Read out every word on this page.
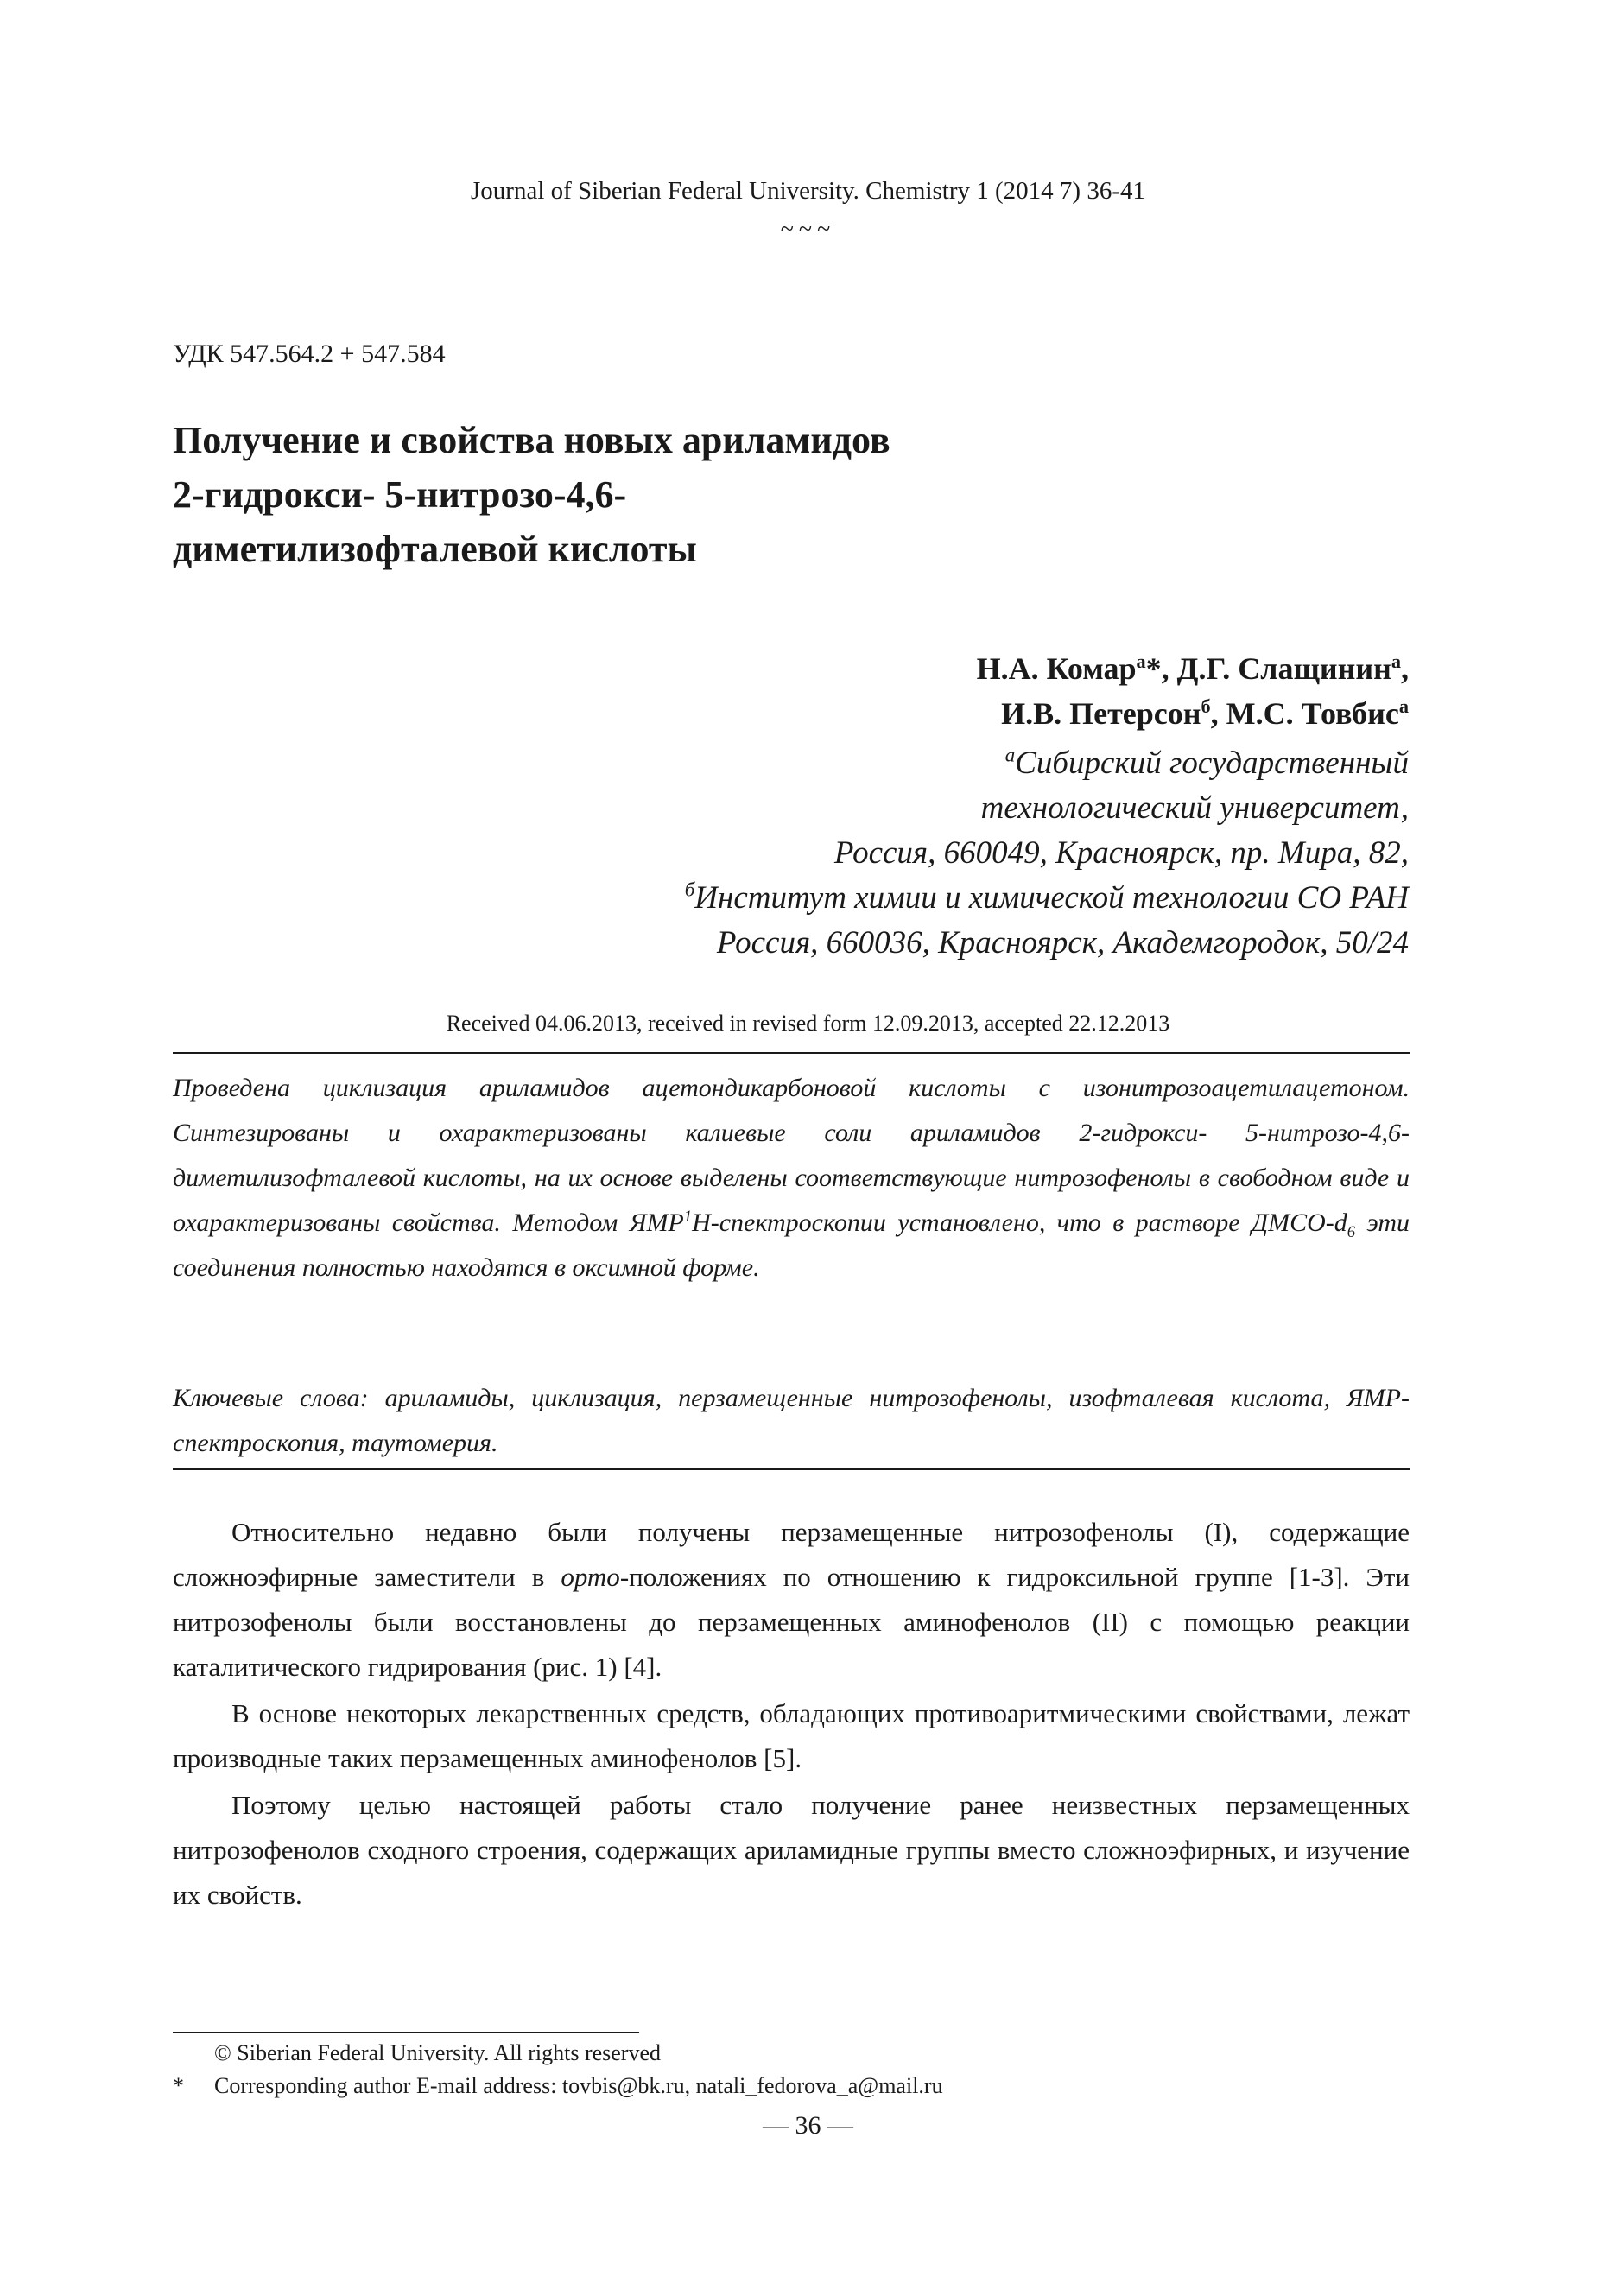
Journal of Siberian Federal University. Chemistry 1 (2014 7) 36-41
~~~
УДК 547.564.2 + 547.584
Получение и свойства новых ариламидов
2-гидрокси- 5-нитрозо-4,6-
диметилизофталевой кислоты
Н.А. Комар$^а$*, Д.Г. Слащинин$^а$,
И.В. Петерсон$^б$, М.С. Товбис$^а$
$^а$Сибирский государственный
технологический университет,
Россия, 660049, Красноярск, пр. Мира, 82,
$^б$Институт химии и химической технологии СО РАН
Россия, 660036, Красноярск, Академгородок, 50/24
Received 04.06.2013, received in revised form 12.09.2013, accepted 22.12.2013
Проведена циклизация ариламидов ацетондикарбоновой кислоты с изонитрозоацетилацетоном. Синтезированы и охарактеризованы калиевые соли ариламидов 2-гидрокси- 5-нитрозо-4,6-диметилизофталевой кислоты, на их основе выделены соответствующие нитрозофенолы в свободном виде и охарактеризованы свойства. Методом ЯМР$^1$Н-спектроскопии установлено, что в растворе ДМСО-$d_6$ эти соединения полностью находятся в оксимной форме.
Ключевые слова: ариламиды, циклизация, перзамещенные нитрозофенолы, изофталевая кислота, ЯМР-спектроскопия, таутомерия.

Относительно недавно были получены перзамещенные нитрозофенолы (I), содержащие сложноэфирные заместители в орто-положениях по отношению к гидроксильной группе [1-3]. Эти нитрозофенолы были восстановлены до перзамещенных аминофенолов (II) с помощью реакции каталитического гидрирования (рис. 1) [4].

В основе некоторых лекарственных средств, обладающих противоаритмическими свойствами, лежат производные таких перзамещенных аминофенолов [5].

Поэтому целью настоящей работы стало получение ранее неизвестных перзамещенных нитрозофенолов сходного строения, содержащих ариламидные группы вместо сложноэфирных, и изучение их свойств.

© Siberian Federal University. All rights reserved
*	Corresponding author E-mail address: tovbis@bk.ru, natali_fedorova_a@mail.ru
— 36 —
